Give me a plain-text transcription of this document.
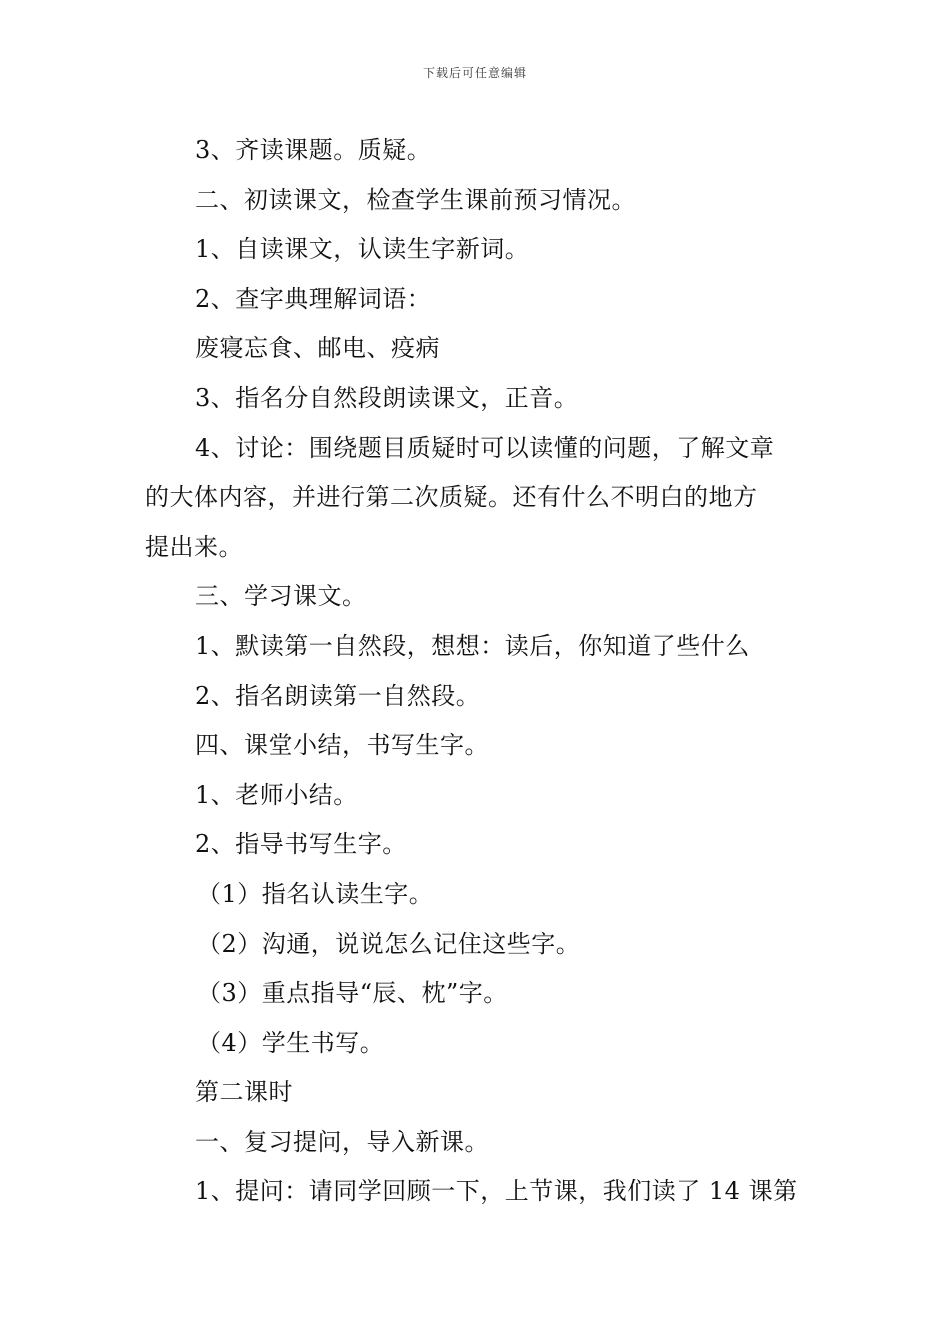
下载后可任意编辑
3、齐读课题。质疑。
二、初读课文，检查学生课前预习情况。
1、自读课文，认读生字新词。
2、查字典理解词语：
废寝忘食、邮电、疫病
3、指名分自然段朗读课文，正音。
4、讨论：围绕题目质疑时可以读懂的问题，了解文章
的大体内容，并进行第二次质疑。还有什么不明白的地方
提出来。
三、学习课文。
1、默读第一自然段，想想：读后，你知道了些什么
2、指名朗读第一自然段。
四、课堂小结，书写生字。
1、老师小结。
2、指导书写生字。
（1）指名认读生字。
（2）沟通，说说怎么记住这些字。
（3）重点指导“辰、枕”字。
（4）学生书写。
第二课时
一、复习提问，导入新课。
1、提问：请同学回顾一下，上节课，我们读了 14 课第
